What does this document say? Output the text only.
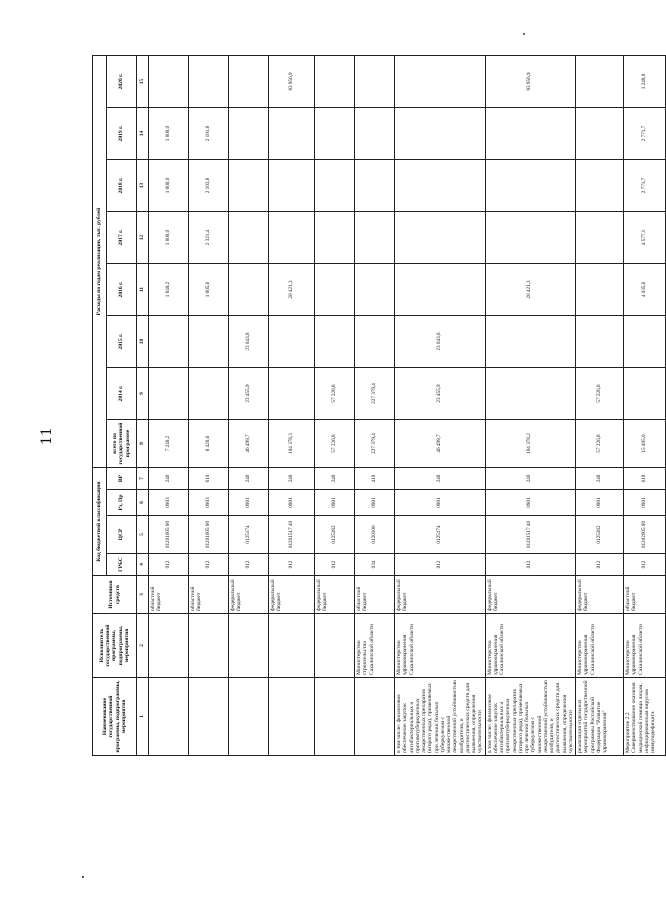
11
Наименование государственной программы, подпрограммы, мероприятия	Исполнитель государственной программы, подпрограммы, мероприятия	Источники средств	Код бюджетной классификации				Расходы по годам реализации, тыс. рублей							
			ГРБС	ЦСР	Рз, Пр	ВР	всего по государственной программе	2014 г.	2015 г.	2016 г.	2017 г.	2018 г.	2019 г.	2020 г.
1	2	3	4	5	6	7	8	9	10	11	12	13	14	15
		областной бюджет	012	01201005 90	0903	240	7 240,2			1 840,2	1 800,0	1 800,0	1 800,0	
		областной бюджет	012	01201005 90	0903	610	8 420,6			1 805,6	2 321,4	2 103,8	2 191,8	
		федеральный бюджет	012	0125174	0901	240	46 499,7	23 455,9	23 043,8					
		федеральный бюджет	012	01201517 40	0901	240	104 378,3			20 421,3				83 956,9
		федеральный бюджет	012	0125382	0901	240	57 226,8	57 226,8						
	Министерство строительства Сахалинской области	областной бюджет	034	0120100	0901	410	227 379,4	227 379,4						
в том числе: финансовое обеспечение закупок антибактериальных и противотуберкулезных лекарственных препаратов (второго ряда), применяемых при лечении больных туберкулезом с множественной лекарственной устойчивостью возбудителя, и диагностических средств для выявления, определения чувствительности	Министерство здравоохранения Сахалинской области	федеральный бюджет	012	0125174	0901	240	46 499,7	23 455,9	23 043,8					
в том числе: финансовое обеспечение закупок антибактериальных и противотуберкулезных лекарственных препаратов (второго ряда), применяемых при лечении больных туберкулезом с множественной лекарственной устойчивостью возбудителя, и диагностических средств для выявления, определения чувствительности	Министерство здравоохранения Сахалинской области	федеральный бюджет	012	01201517 40	0901	240	104 378,2			20 421,3				83 956,9
реализация отдельных мероприятий государственной программы Российской Федерации "Развитие здравоохранения"	Министерство здравоохранения Сахалинской области	федеральный бюджет	012	0125382	0901	240	57 226,8	57 226,8						
Мероприятие 2.2 Совершенствование оказания медицинской помощи лицам, инфицированным вирусом иммунодефицита	Министерство здравоохранения Сахалинской области	областной бюджет	012	01202005 90	0901	610	15 405,0			4 035,6	4 577,1	2 771,7	2 771,7	1 248,9
